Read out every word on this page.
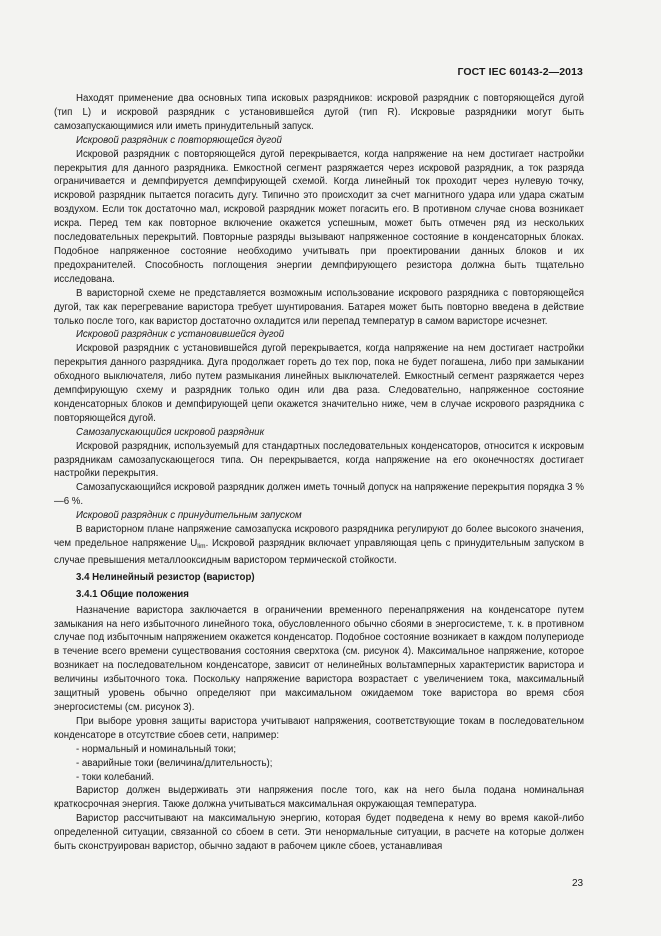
ГОСТ IEC 60143-2—2013

Находят применение два основных типа исковых разрядников: искровой разрядник с повторяющейся дугой (тип L) и искровой разрядник с установившейся дугой (тип R). Искровые разрядники могут быть самозапускающимися или иметь принудительный запуск.

Искровой разрядник с повторяющейся дугой

Искровой разрядник с повторяющейся дугой перекрывается, когда напряжение на нем достигает настройки перекрытия для данного разрядника. Емкостной сегмент разряжается через искровой разрядник, а ток разряда ограничивается и демпфируется демпфирующей схемой. Когда линейный ток проходит через нулевую точку, искровой разрядник пытается погасить дугу. Типично это происходит за счет магнитного удара или удара сжатым воздухом. Если ток достаточно мал, искровой разрядник может погасить его. В противном случае снова возникает искра. Перед тем как повторное включение окажется успешным, может быть отмечен ряд из нескольких последовательных перекрытий. Повторные разряды вызывают напряженное состояние в конденсаторных блоках. Подобное напряженное состояние необходимо учитывать при проектировании данных блоков и их предохранителей. Способность поглощения энергии демпфирующего резистора должна быть тщательно исследована.

В варисторной схеме не представляется возможным использование искрового разрядника с повторяющейся дугой, так как перегревание варистора требует шунтирования. Батарея может быть повторно введена в действие только после того, как варистор достаточно охладится или перепад температур в самом варисторе исчезнет.

Искровой разрядник с установившейся дугой

Искровой разрядник с установившейся дугой перекрывается, когда напряжение на нем достигает настройки перекрытия данного разрядника. Дуга продолжает гореть до тех пор, пока не будет погашена, либо при замыкании обходного выключателя, либо путем размыкания линейных выключателей. Емкостный сегмент разряжается через демпфирующую схему и разрядник только один или два раза. Следовательно, напряженное состояние конденсаторных блоков и демпфирующей цепи окажется значительно ниже, чем в случае искрового разрядника с повторяющейся дугой.

Самозапускающийся искровой разрядник

Искровой разрядник, используемый для стандартных последовательных конденсаторов, относится к искровым разрядникам самозапускающегося типа. Он перекрывается, когда напряжение на его оконечностях достигает настройки перекрытия.

Самозапускающийся искровой разрядник должен иметь точный допуск на напряжение перекрытия порядка 3 %—6 %.

Искровой разрядник с принудительным запуском

В варисторном плане напряжение самозапуска искрового разрядника регулируют до более высокого значения, чем предельное напряжение $U_{lim}$. Искровой разрядник включает управляющая цепь с принудительным запуском в случае превышения металлооксидным варистором термической стойкости.

3.4 Нелинейный резистор (варистор)

3.4.1 Общие положения

Назначение варистора заключается в ограничении временного перенапряжения на конденсаторе путем замыкания на него избыточного линейного тока, обусловленного обычно сбоями в энергосистеме, т. к. в противном случае под избыточным напряжением окажется конденсатор. Подобное состояние возникает в каждом полупериоде в течение всего времени существования состояния сверхтока (см. рисунок 4). Максимальное напряжение, которое возникает на последовательном конденсаторе, зависит от нелинейных вольтамперных характеристик варистора и величины избыточного тока. Поскольку напряжение варистора возрастает с увеличением тока, максимальный защитный уровень обычно определяют при максимальном ожидаемом токе варистора во время сбоя энергосистемы (см. рисунок 3).

При выборе уровня защиты варистора учитывают напряжения, соответствующие токам в последовательном конденсаторе в отсутствие сбоев сети, например:

- нормальный и номинальный токи;

- аварийные токи (величина/длительность);

- токи колебаний.

Варистор должен выдерживать эти напряжения после того, как на него была подана номинальная краткосрочная энергия. Также должна учитываться максимальная окружающая температура.

Варистор рассчитывают на максимальную энергию, которая будет подведена к нему во время какой-либо определенной ситуации, связанной со сбоем в сети. Эти ненормальные ситуации, в расчете на которые должен быть сконструирован варистор, обычно задают в рабочем цикле сбоев, устанавливая

23
